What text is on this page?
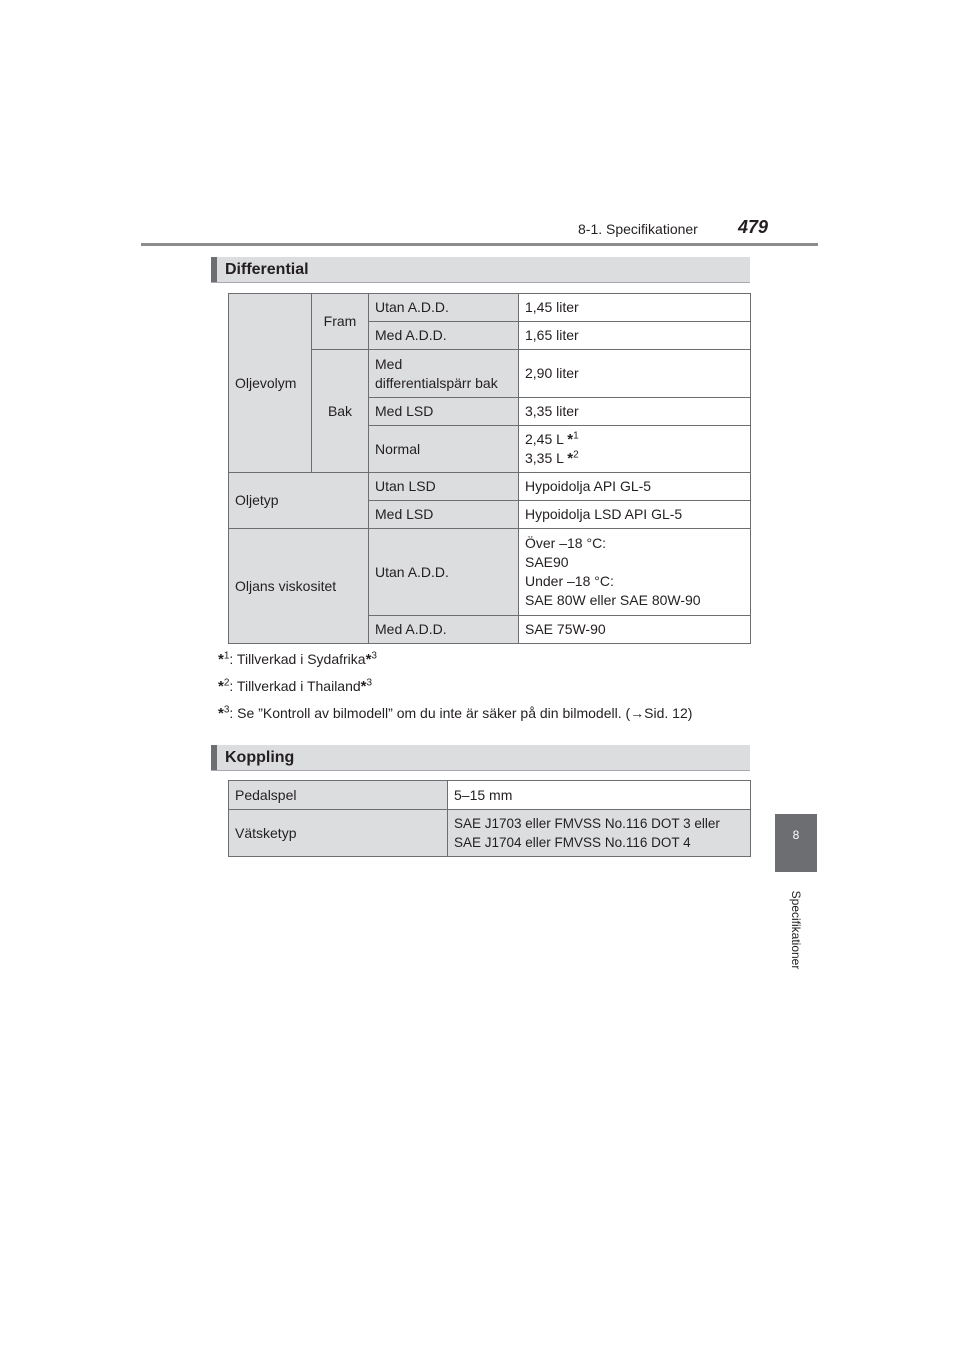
8-1. Specifikationer 479
8
Specifikationer
Differential
Oljevolym	Fram	Utan A.D.D.	1,45 liter
		Med A.D.D.	1,65 liter
	Bak	Med
differentialspärr bak	2,90 liter
		Med LSD	3,35 liter
		Normal	2,45 L *$^1$
3,35 L *$^2$
Oljetyp		Utan LSD	Hypoidolja API GL-5
		Med LSD	Hypoidolja LSD API GL-5
Oljans viskositet		Utan A.D.D.	Över –18 °C:
SAE90
Under –18 °C:
SAE 80W eller SAE 80W-90
		Med A.D.D.	SAE 75W-90
*$^1$: Tillverkad i Sydafrika*$^3$
*$^2$: Tillverkad i Thailand*$^3$
*$^3$: Se ”Kontroll av bilmodell” om du inte är säker på din bilmodell. (→Sid. 12)
Koppling
Pedalspel	5–15 mm
Vätsketyp	SAE J1703 eller FMVSS No.116 DOT 3 eller
SAE J1704 eller FMVSS No.116 DOT 4
